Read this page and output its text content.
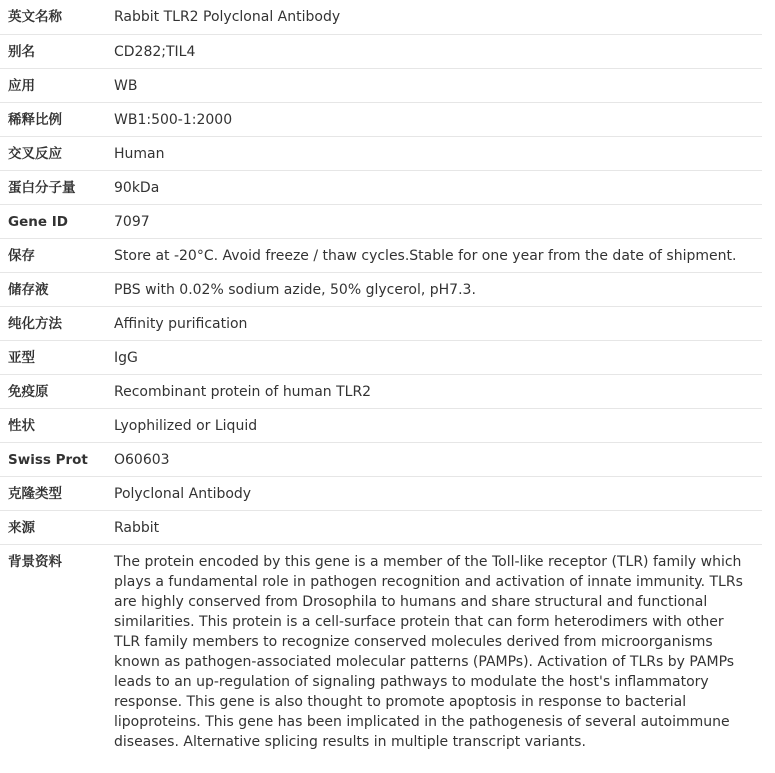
英文名称	Rabbit TLR2 Polyclonal Antibody
别名	CD282;TIL4
应用	WB
稀释比例	WB1:500-1:2000
交叉反应	Human
蛋白分子量	90kDa
Gene ID	7097
保存	Store at -20°C. Avoid freeze / thaw cycles.Stable for one year from the date of shipment.
储存液	PBS with 0.02% sodium azide, 50% glycerol, pH7.3.
纯化方法	Affinity purification
亚型	IgG
免疫原	Recombinant protein of human TLR2
性状	Lyophilized or Liquid
Swiss Prot	O60603
克隆类型	Polyclonal Antibody
来源	Rabbit
背景资料	The protein encoded by this gene is a member of the Toll-like receptor (TLR) family which plays a fundamental role in pathogen recognition and activation of innate immunity. TLRs are highly conserved from Drosophila to humans and share structural and functional similarities. This protein is a cell-surface protein that can form heterodimers with other TLR family members to recognize conserved molecules derived from microorganisms known as pathogen-associated molecular patterns (PAMPs). Activation of TLRs by PAMPs leads to an up-regulation of signaling pathways to modulate the host's inflammatory response. This gene is also thought to promote apoptosis in response to bacterial lipoproteins. This gene has been implicated in the pathogenesis of several autoimmune diseases. Alternative splicing results in multiple transcript variants.
